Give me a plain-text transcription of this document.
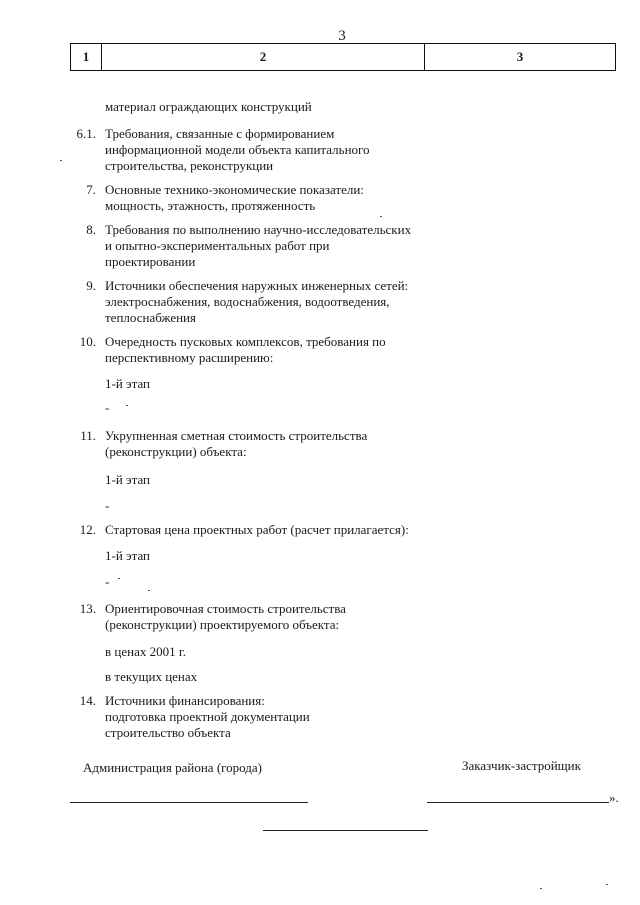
3
1	2	3
материал ограждающих конструкций
6.1. Требования, связанные с формированием
информационной модели объекта капитального
строительства, реконструкции
7. Основные технико-экономические показатели:
мощность, этажность, протяженность
8. Требования по выполнению научно-исследовательских
и опытно-экспериментальных работ при
проектировании
9. Источники обеспечения наружных инженерных сетей:
электроснабжения, водоснабжения, водоотведения,
теплоснабжения
10. Очередность пусковых комплексов, требования по
перспективному расширению:
1-й этап
-
11. Укрупненная сметная стоимость строительства
(реконструкции) объекта:
1-й этап
-
12. Стартовая цена проектных работ (расчет прилагается):
1-й этап
-
13. Ориентировочная стоимость строительства
(реконструкции) проектируемого объекта:
в ценах 2001 г.
в текущих ценах
14. Источники финансирования:
подготовка проектной документации
строительство объекта
Администрация района (города)	Заказчик-застройщик
».
